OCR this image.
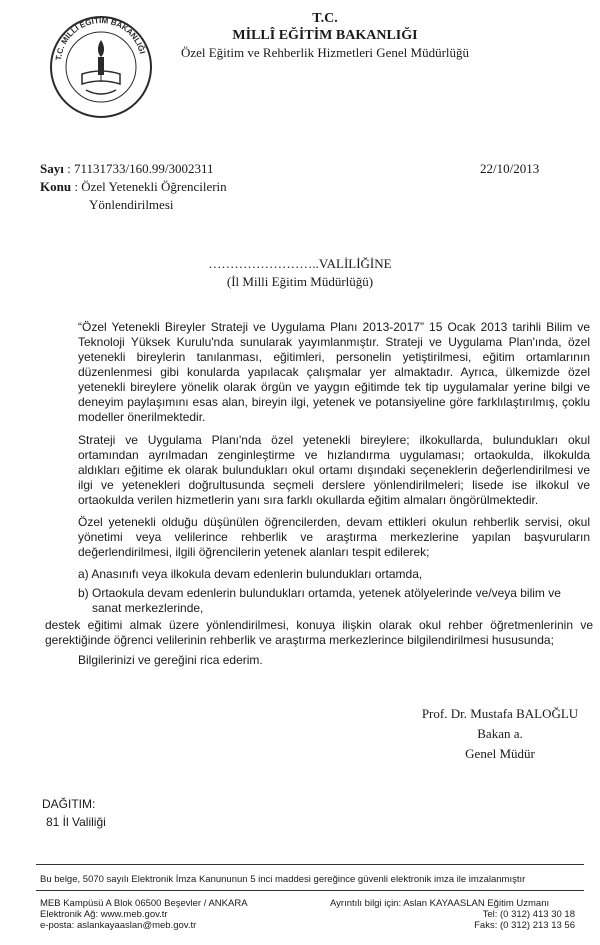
T.C. MİLLÎ EĞİTİM BAKANLIĞI
T.C.
MİLLÎ EĞİTİM BAKANLIĞI
Özel Eğitim ve Rehberlik Hizmetleri Genel Müdürlüğü
Sayı : 71131733/160.99/3002311
Konu : Özel Yetenekli Öğrencilerin
Yönlendirilmesi
22/10/2013
……………………..VALİLİĞİNE
(İl Milli Eğitim Müdürlüğü)

“Özel Yetenekli Bireyler Strateji ve Uygulama Planı 2013-2017” 15 Ocak 2013 tarihli Bilim ve Teknoloji Yüksek Kurulu'nda sunularak yayımlanmıştır. Strateji ve Uygulama Plan'ında, özel yetenekli bireylerin tanılanması, eğitimleri, personelin yetiştirilmesi, eğitim ortamlarının düzenlenmesi gibi konularda yapılacak çalışmalar yer almaktadır. Ayrıca, ülkemizde özel yetenekli bireylere yönelik olarak örgün ve yaygın eğitimde tek tip uygulamalar yerine bilgi ve deneyim paylaşımını esas alan, bireyin ilgi, yetenek ve potansiyeline göre farklılaştırılmış, çoklu modeller önerilmektedir.

Strateji ve Uygulama Planı'nda özel yetenekli bireylere; ilkokullarda, bulundukları okul ortamından ayrılmadan zenginleştirme ve hızlandırma uygulaması; ortaokulda, ilkokulda aldıkları eğitime ek olarak bulundukları okul ortamı dışındaki seçeneklerin değerlendirilmesi ve ilgi ve yetenekleri doğrultusunda seçmeli derslere yönlendirilmeleri; lisede ise ilkokul ve ortaokulda verilen hizmetlerin yanı sıra farklı okullarda eğitim almaları öngörülmektedir.

Özel yetenekli olduğu düşünülen öğrencilerden, devam ettikleri okulun rehberlik servisi, okul yönetimi veya velilerince rehberlik ve araştırma merkezlerine yapılan başvuruların değerlendirilmesi, ilgili öğrencilerin yetenek alanları tespit edilerek;

a) Anasınıfı veya ilkokula devam edenlerin bulundukları ortamda,
b) Ortaokula devam edenlerin bulundukları ortamda, yetenek atölyelerinde ve/veya bilim ve
sanat merkezlerinde,

destek eğitimi almak üzere yönlendirilmesi, konuya ilişkin olarak okul rehber öğretmenlerinin ve gerektiğinde öğrenci velilerinin rehberlik ve araştırma merkezlerince bilgilendirilmesi hususunda;

Bilgilerinizi ve gereğini rica ederim.
Prof. Dr. Mustafa BALOĞLU
Bakan a.
Genel Müdür
DAĞITIM:
81 İl Valiliği
Bu belge, 5070 sayılı Elektronik İmza Kanununun 5 inci maddesi gereğince güvenli elektronik imza ile imzalanmıştır
MEB Kampüsü A Blok 06500 Beşevler / ANKARA
Elektronik Ağ: www.meb.gov.tr
e-posta: aslankayaaslan@meb.gov.tr
Ayrıntılı bilgi için: Aslan KAYAASLAN Eğitim Uzmanı
Tel: (0 312) 413 30 18
Faks: (0 312) 213 13 56
